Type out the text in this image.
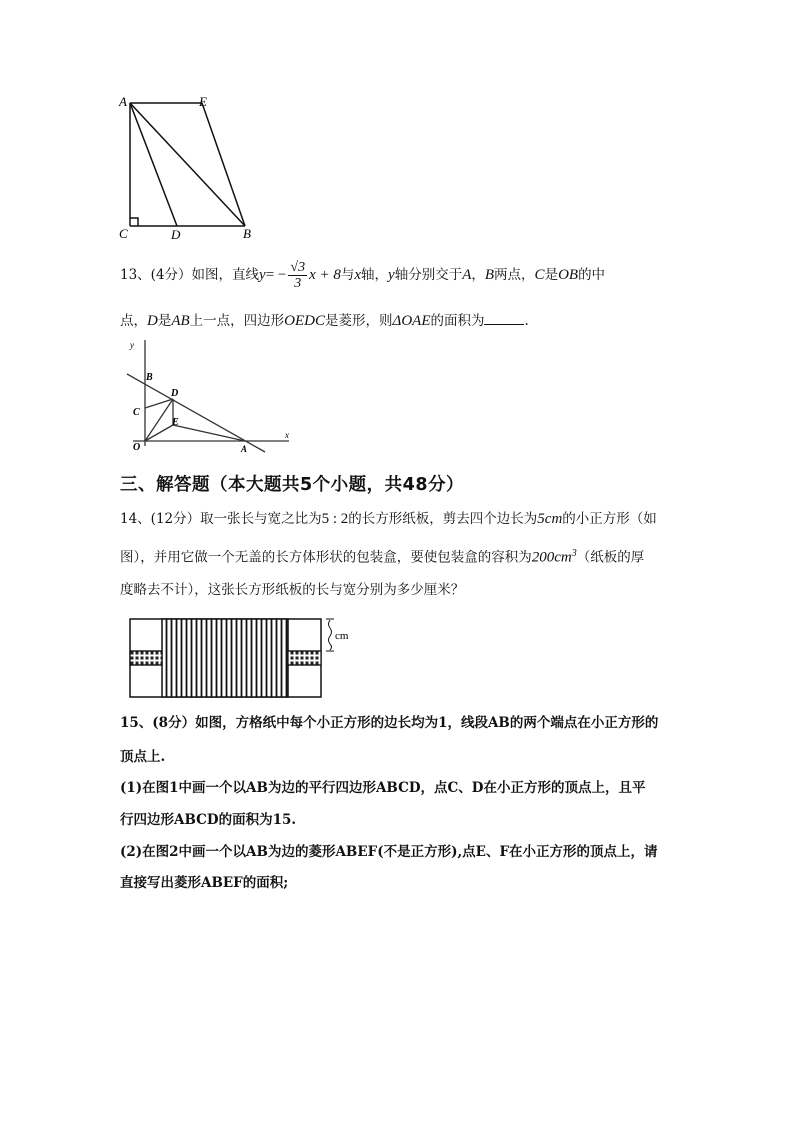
A	E
C	D	B
13、(4分）如图，直线$y= - \frac{√3}{3}$ x + 8与x轴，y轴分别交于A，B两点，C是OB的中
点，D是AB上一点，四边形OEDC是菱形，则ΔOAE的面积为	.
y
x
B
D
C
E
O	A
三、解答题（本大题共5个小题，共48分）
14、(12分）取一张长与宽之比为5 : 2的长方形纸板，剪去四个边长为5cm的小正方形（如
图），并用它做一个无盖的长方体形状的包装盒，要使包装盒的容积为$200cm^3$（纸板的厚
度略去不计），这张长方形纸板的长与宽分别为多少厘米？
cm
15、(8分）如图，方格纸中每个小正方形的边长均为1，线段AB的两个端点在小正方形的
顶点上.
(1)在图1中画一个以AB为边的平行四边形ABCD，点C、D在小正方形的顶点上，且平
行四边形ABCD的面积为15.
(2)在图2中画一个以AB为边的菱形ABEF(不是正方形),点E、F在小正方形的顶点上，请
直接写出菱形ABEF的面积;
